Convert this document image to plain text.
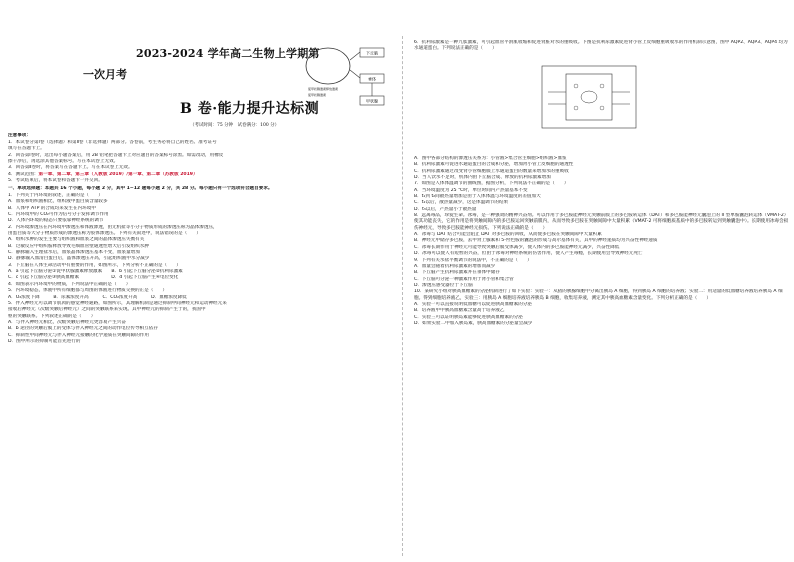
2023-2024 学年高二生物上学期第
一次月考
B 卷·能力提升达标测
（考试时间：75 分钟　试卷满分：100 分）
下丘脑
垂体
甲状腺
促甲状腺激素释放激素
促甲状腺激素
注意事项：
1．本试卷分第Ⅰ卷（选择题）和第Ⅱ卷（非选择题）两部分。答卷前，考生务必将自己的姓名、准考证号
填写在答题卡上。
2．回答第Ⅰ卷时，选出每小题答案后，用 2B 铅笔把答题卡上对应题目的答案标号涂黑。如需改动，用橡皮
擦干净后，再选涂其他答案标号。写在本试卷上无效。
3．回答第Ⅱ卷时，将答案写在答题卡上。写在本试卷上无效。
4．测试范围：第一章、第二章、第三章（人教版 2019）/第一章、第二章（苏教版 2019）
5．考试结束后，将本试卷和答题卡一并交回。
一、单项选择题：本题共 16 个小题，每小题 2 分，其中 1~12 题每小题 2 分，共 28 分。每小题只有一个选项符合题目要求。
1．下列关于内环境的叙述，正确的是（　　）
A．血浆和组织液相比，组织液中蛋白质含量较多
B．人体中 ATP 的合成均来发生在内环境中
C．内环境中的 CO₂可作为信号分子发挥调节作用
D．人体内环境的稳态只要依靠神经系统的调节
2．内环境渗透压在内环境中渗透压和体液渗透，由无机盐等小分子物质形成的渗透压称为晶体渗透压，
由蛋白质等大分子物质形成的渗透压称为胶体渗透压。下列有关叙述中，说法错误的是（　　）
A．组织水肿的发生主要与组织液和血浆之间的晶体渗透压失衡有关
B．过敏反应中组织胺释放导致毛细血管壁通透性增大后引发组织水肿
C．静脉输入生理盐水后，血浆晶体渗透压基本不变，血浆量增加
D．静脉输入血清白蛋白后，晶体渗透压升高，引起组织液中水分减少
3．下丘脑在人体生命活动中有重要的作用，如图所示，下列分析不正确的是（　　）
A．a 引起下丘脑分泌①促甲状腺激素释放激素　　B．b 引起下丘脑分泌②抗利尿激素
C．c 引起下丘脑分泌③胰高血糖素　　　　　　　D．d 引起下丘脑产生④电位变化
4．如图表示内环境中的物质，下列说法中正确的是（　　）
5．内环境稳态，体液中所有细胞都与周围的体液进行物质交换的正是（　　）
A．O₂浓度下降　　　B．尿素浓度升高　　　C．CO₂浓度升高　　　D．血糖浓度降低
5．伴入神经元可以调节肌肉的感觉神经通路，如图所示，其理解机制是通过抑制中间神经元和运动神经元来
接收后神经元（次级突触后神经元）之间的突触联系来实现。其中神经元的抑制产生于的，我国中
枢的突触联系。下列叙述正确的是（　　）
A．与伴入神经元相比，次级突触后神经元更容易产生兴奋
B．b 途径的突触后膜上的受体与伴入神经元之间的动作电位传导相互依存
C．抑制性中间神经元与伴入神经元接触的化学递质在突触间隙的作用
D．图中所示的抑制可能首先进行的
6．抗利尿激素是一种九肽激素，可引起血管平滑肌收缩和促进肾脏对水的重吸收。下图是抗利尿激素促进肾小管上皮细胞重吸收水的作用机制示意图，图中 AQP2、AQP3、AQP4 均为水通道蛋白。下列说法正确的是（　　）
A．图中各部分结构的渗透压关系为：小管液>集合管主细胞>组织液>血浆
B．抗利尿激素可促进水通道蛋白的合成和分泌，增加肾小管上皮细胞的通透性
C．抗利尿激素通过改变肾小管细胞膜上水通道蛋白的数量来增加水的重吸收
D．当人饮水不足时，机体内由下丘脑合成、释放的抗利尿激素增加
7．如图是人体体温调节的曲线图，据图分析，下列说法不正确的是（　　）
A．当环境温度为 25 ℃时，单位时间内产热量基本不变
B．t₁到 t₂间散热量增加是由于人体体温与环境温度的差值加大
C．t₂以后，散热量减少，这是体温调节的结果
D．t₃以后，产热量小于散热量
8．远离毒品，珍爱生命。冰毒，是一种强效的精神兴奋剂。可以作用于多巴胺能神经元突触前膜上的多巴胺转运体（DAT）和多巴胺能神经元囊泡上的 II 型单胺囊泡转运体（VMAT-2）使其功能丧失，它的作用是将突触间隙内的多巴胺运回突触前膜内，从而导致多巴胺在突触间隙中大量积累（VMAT-2 可将细胞质基质中的多巴胺转运到突触囊泡中）。长期使用冰毒会损伤神经元，导致多巴胺能神经元损伤。下列说法正确的是（　　）
A．冰毒与 DAT 结合可能会阻止 DAT 对多巴胺的回收，从而使多巴胺在突触间隙中大量积累
B．神经元中储存多巴胺，去甲肾上腺素和 5-羟色胺的囊泡的形成与高尔基体有关，其中的神经递质均为兴奋性神经递质
C．冰毒长期作用于神经元可能导致突触后膜受体减少，使人体内的多巴胺能神经元减少，兴奋性降低
D．冰毒可以使人有短暂的兴奋，但由于冰毒对神经系统的伤害作用，使人产生毒瘾，长期使用会导致神经元死亡
9．下列有关水盐平衡调节的说法中，不正确的是（　　）
A．血量会随着抗利尿激素的增加而减少
B．下丘脑产生抗利尿激素并在垂体中储存
C．下丘脑可分泌一种激素作用于肾小管和集合管
D．渗透压感受器位于下丘脑
10．某研究小组对胰高血糖素的分泌机制进行了如下实验：实验一：从猪的胰腺细胞中分离出胰岛 A 细胞，得到胰岛 A 细胞的培养液；实验二：用适量的低血糖培养液培养胰岛 A 细胞。得到细胞培养液乙，实验三：用胰岛 A 细胞培养液培养胰岛 B 细胞，收集培养液，测定其中胰高血糖素含量变化。下列分析正确的是（　　）
A．实验一可以直接说明低血糖可以促进胰高血糖素的分泌
B．培养液甲中胰高血糖素含量高于培养液乙
C．实验三可以证明胰岛素能够促进胰高血糖素的分泌
D．如果实验二中加入胰岛素，胰高血糖素的分泌量会减少
